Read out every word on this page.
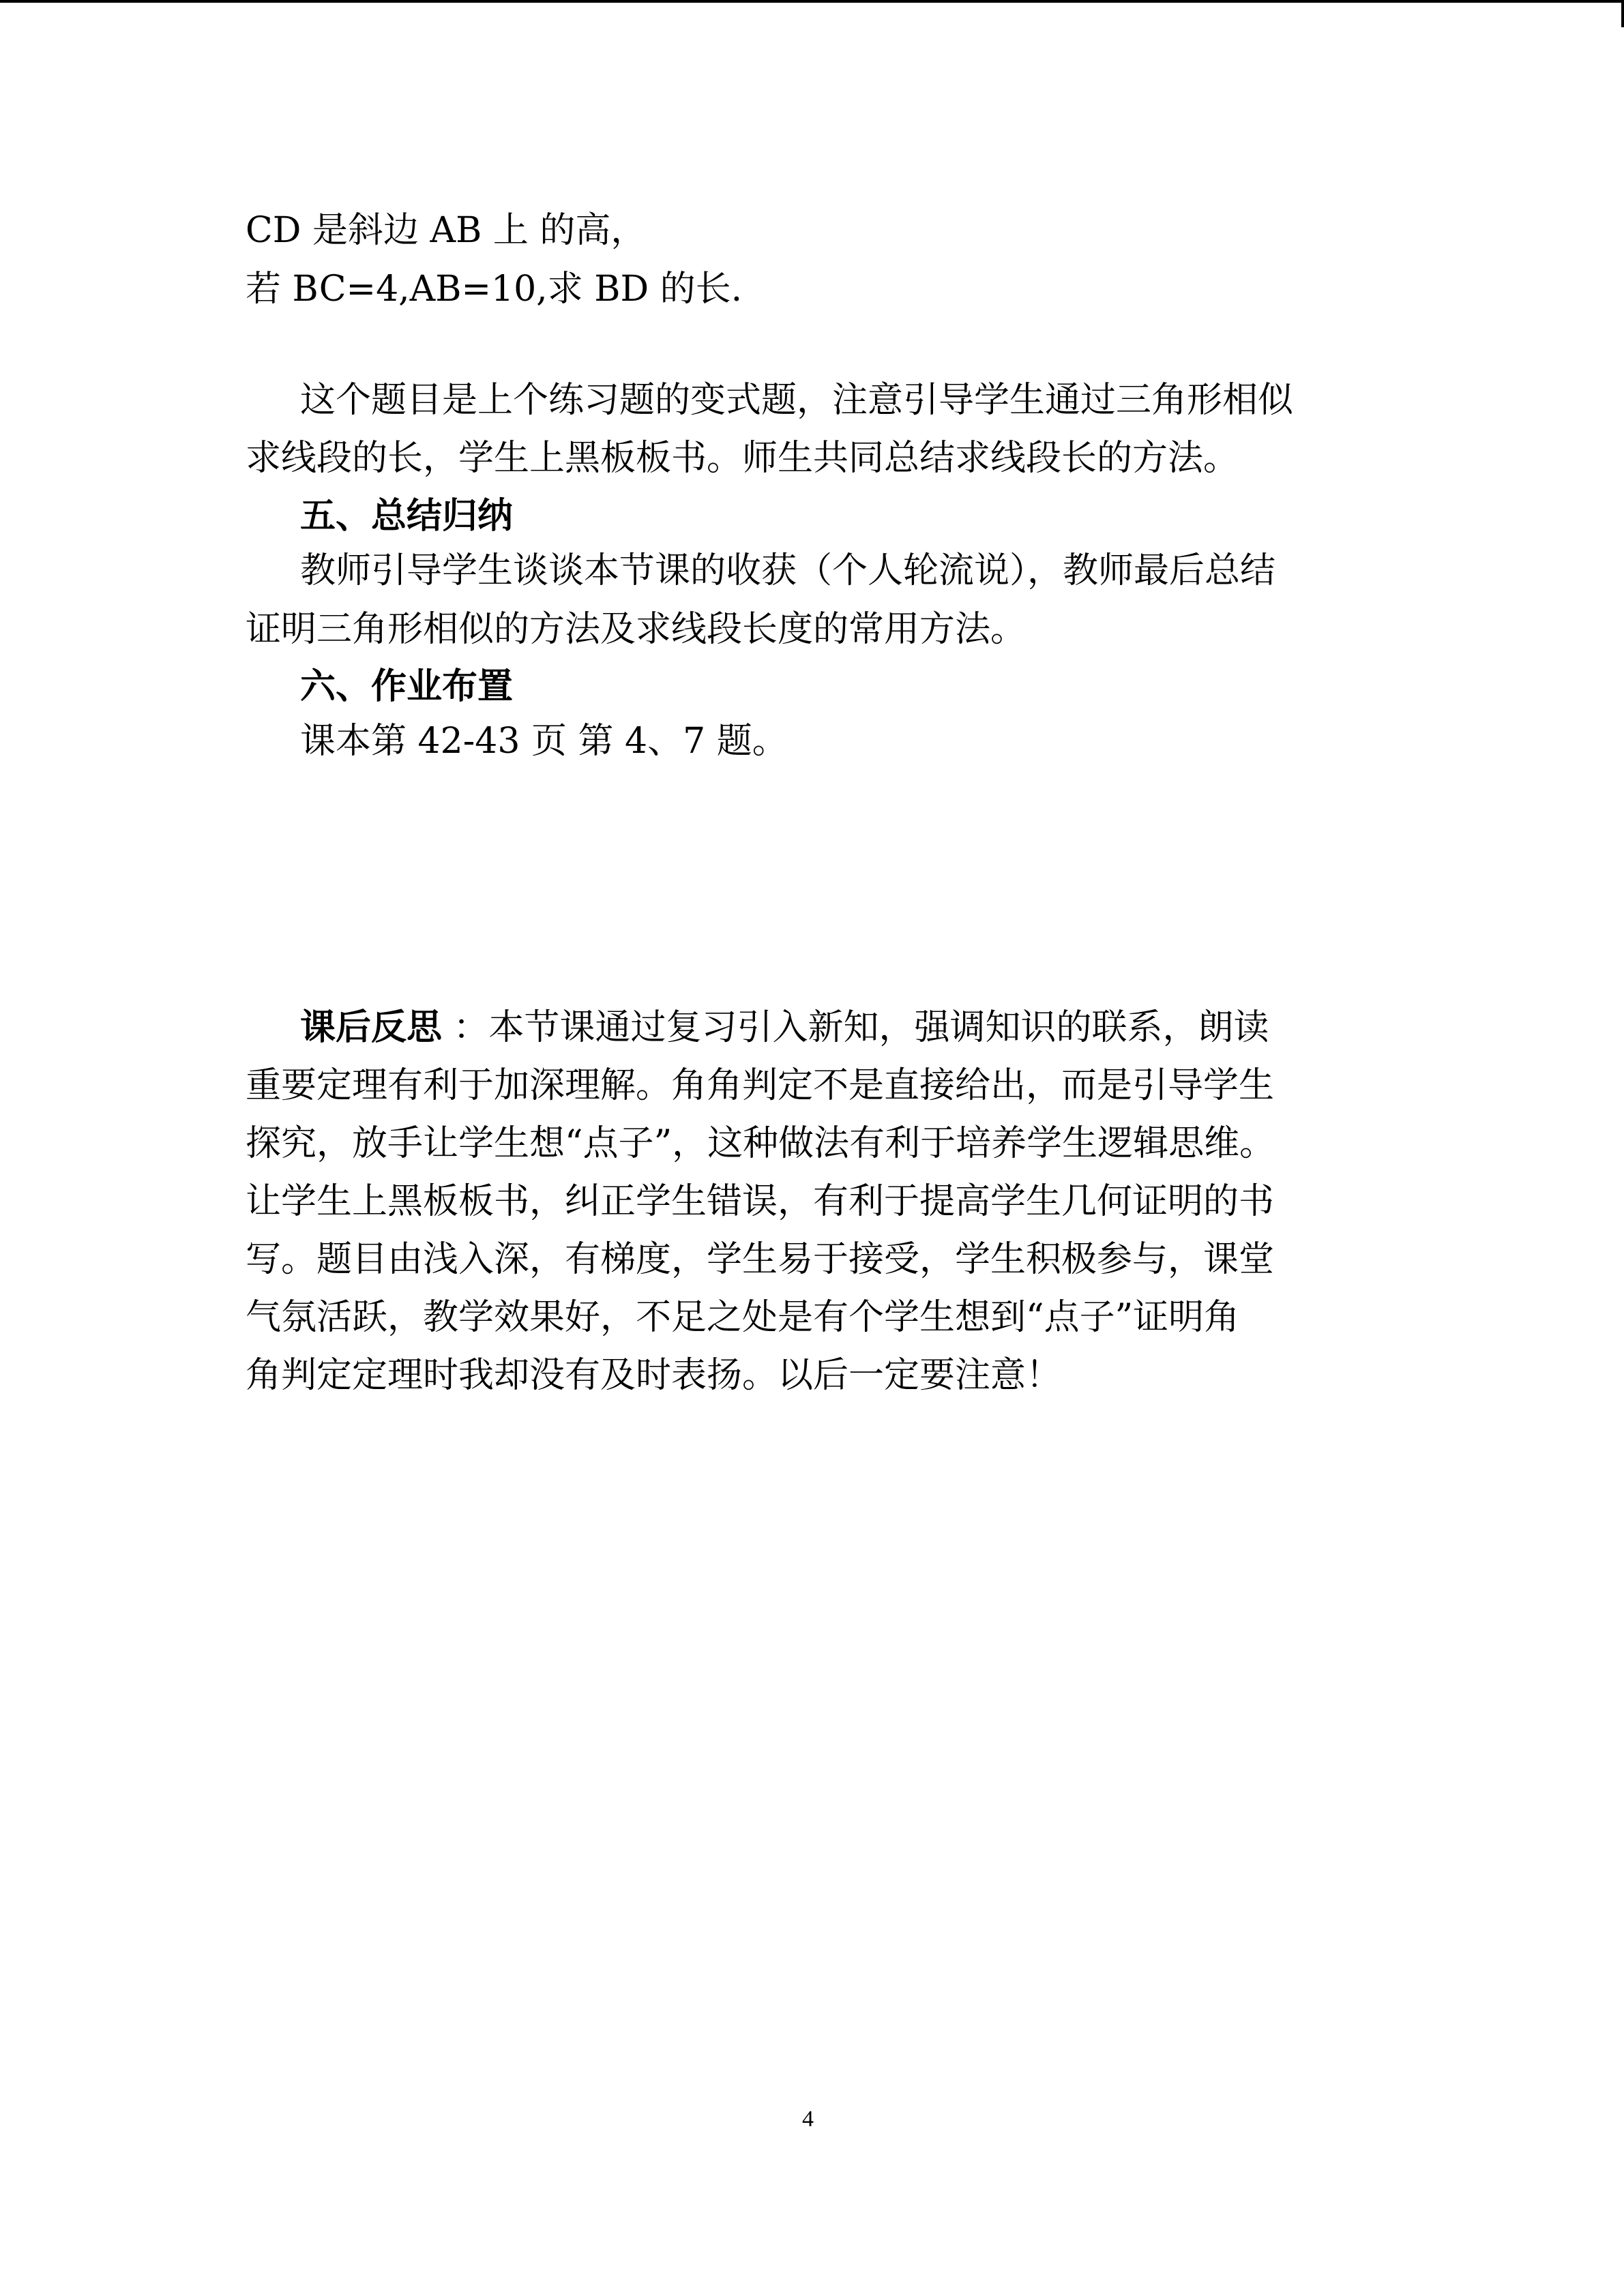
CD 是斜边 AB 上 的高，
若 BC=4,AB=10,求 BD 的长.
这个题目是上个练习题的变式题，注意引导学生通过三角形相似
求线段的长，学生上黑板板书。师生共同总结求线段长的方法。
五、总结归纳
教师引导学生谈谈本节课的收获（个人轮流说），教师最后总结
证明三角形相似的方法及求线段长度的常用方法。
六、作业布置
课本第 42-43 页 第 4、7 题。
课后反思 ：本节课通过复习引入新知，强调知识的联系，朗读
重要定理有利于加深理解。角角判定不是直接给出，而是引导学生
探究，放手让学生想“点子”，这种做法有利于培养学生逻辑思维。
让学生上黑板板书，纠正学生错误，有利于提高学生几何证明的书
写。题目由浅入深，有梯度，学生易于接受，学生积极参与，课堂
气氛活跃，教学效果好，不足之处是有个学生想到“点子”证明角
角判定定理时我却没有及时表扬。以后一定要注意！
4
